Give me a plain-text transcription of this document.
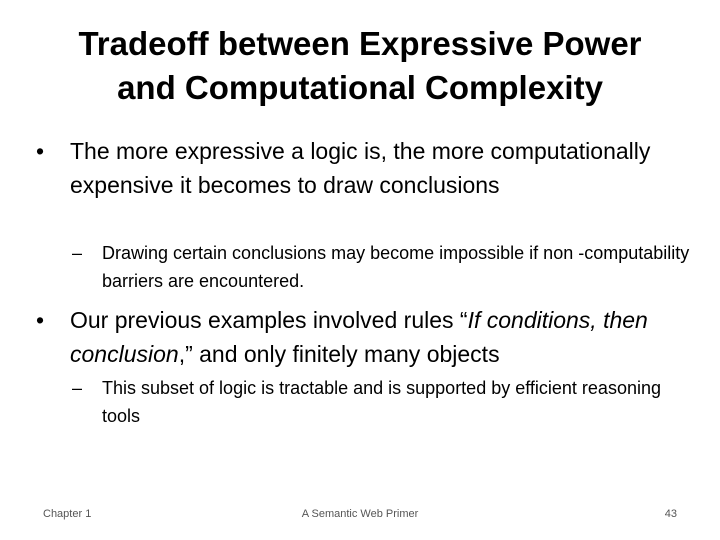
Tradeoff between Expressive Power
and Computational Complexity
•	The more expressive a logic is, the more computationally expensive it becomes to draw conclusions
– Drawing certain conclusions may become impossible if non -computability barriers are encountered.
•	Our previous examples involved rules “If conditions, then conclusion,” and only finitely many objects
– This subset of logic is tractable and is supported by efficient reasoning tools
Chapter 1	A Semantic Web Primer	43
